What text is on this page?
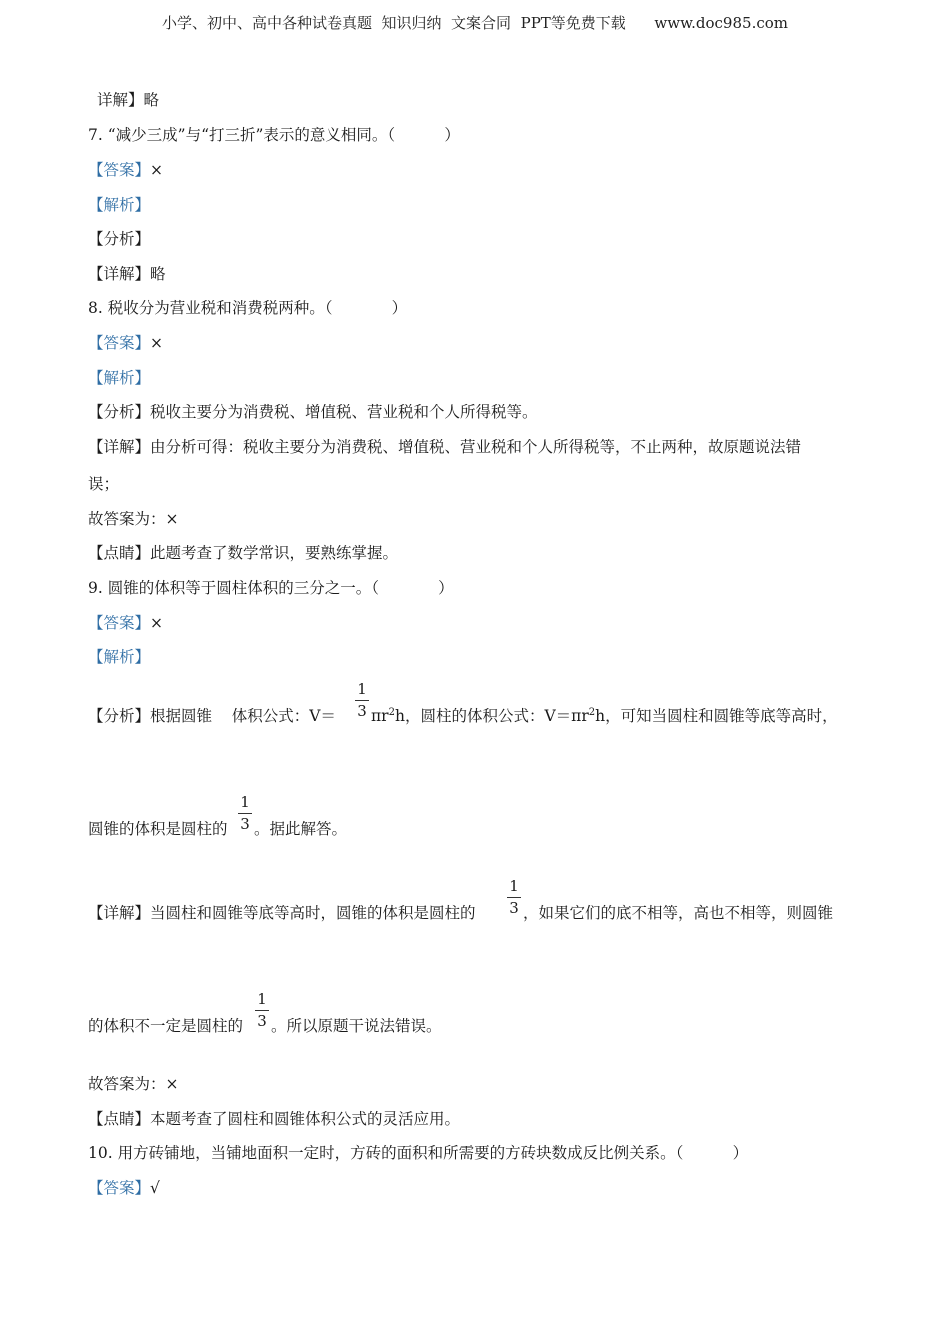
小学、初中、高中各种试卷真题  知识归纳  文案合同  PPT等免费下载      www.doc985.com
详解】略
7. “减少三成”与“打三折”表示的意义相同。（          ）
【答案】×
【解析】
【分析】
【详解】略
8. 税收分为营业税和消费税两种。（            ）
【答案】×
【解析】
【分析】税收主要分为消费税、增值税、营业税和个人所得税等。
【详解】由分析可得：税收主要分为消费税、增值税、营业税和个人所得税等，不止两种，故原题说法错
误；
故答案为：×
【点睛】此题考查了数学常识，要熟练掌握。
9. 圆锥的体积等于圆柱体积的三分之一。（            ）
【答案】×
【解析】
【分析】根据圆锥    体积公式：V＝
1
3 $\pi r^2h$，圆柱的体积公式：$V=\pi r^2h$，可知当圆柱和圆锥等底等高时，
圆锥的体积是圆柱的
1
3 。据此解答。
【详解】当圆柱和圆锥等底等高时，圆锥的体积是圆柱的
1
3 ，如果它们的底不相等，高也不相等，则圆锥
的体积不一定是圆柱的
1
3 。所以原题干说法错误。
故答案为：×
【点睛】本题考查了圆柱和圆锥体积公式的灵活应用。
10. 用方砖铺地，当铺地面积一定时，方砖的面积和所需要的方砖块数成反比例关系。（          ）
【答案】√
